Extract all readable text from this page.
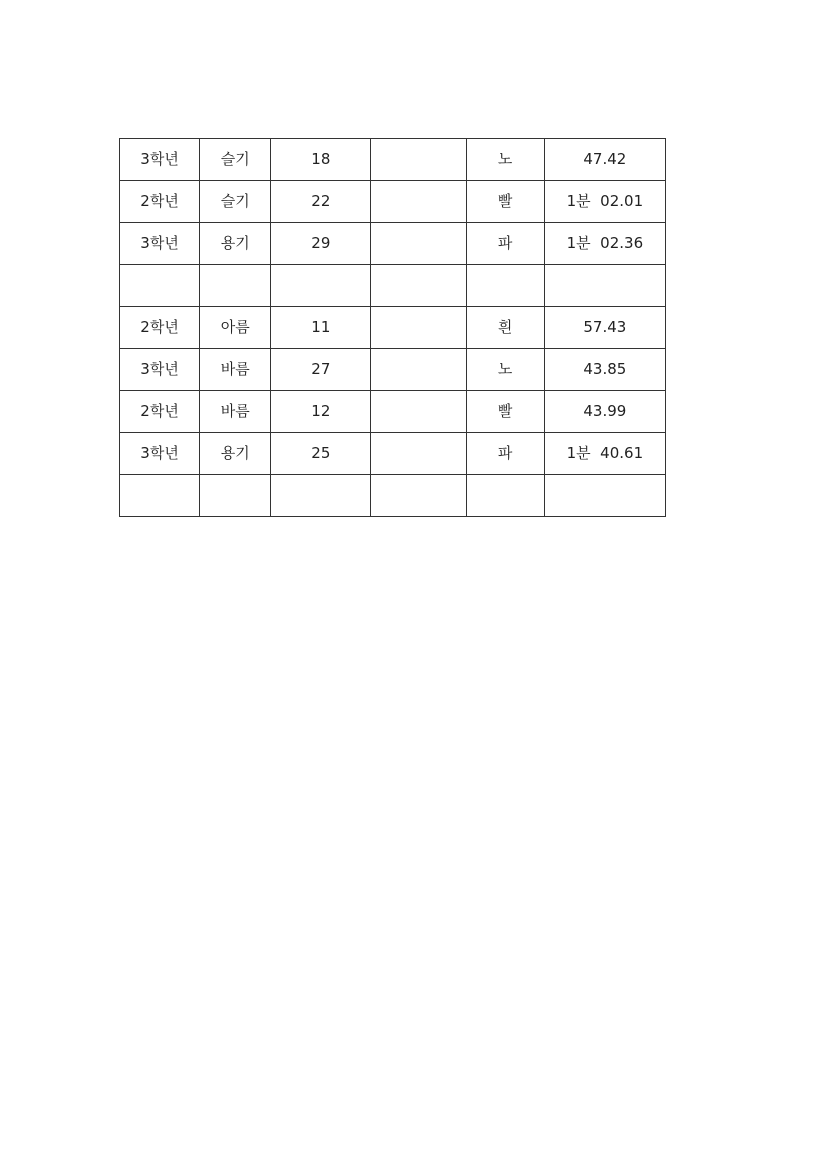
3학년	슬기	18		노	47.42
2학년	슬기	22		빨	1분  02.01
3학년	용기	29		파	1분  02.36

2학년	아름	11		흰	57.43
3학년	바름	27		노	43.85
2학년	바름	12		빨	43.99
3학년	용기	25		파	1분  40.61
